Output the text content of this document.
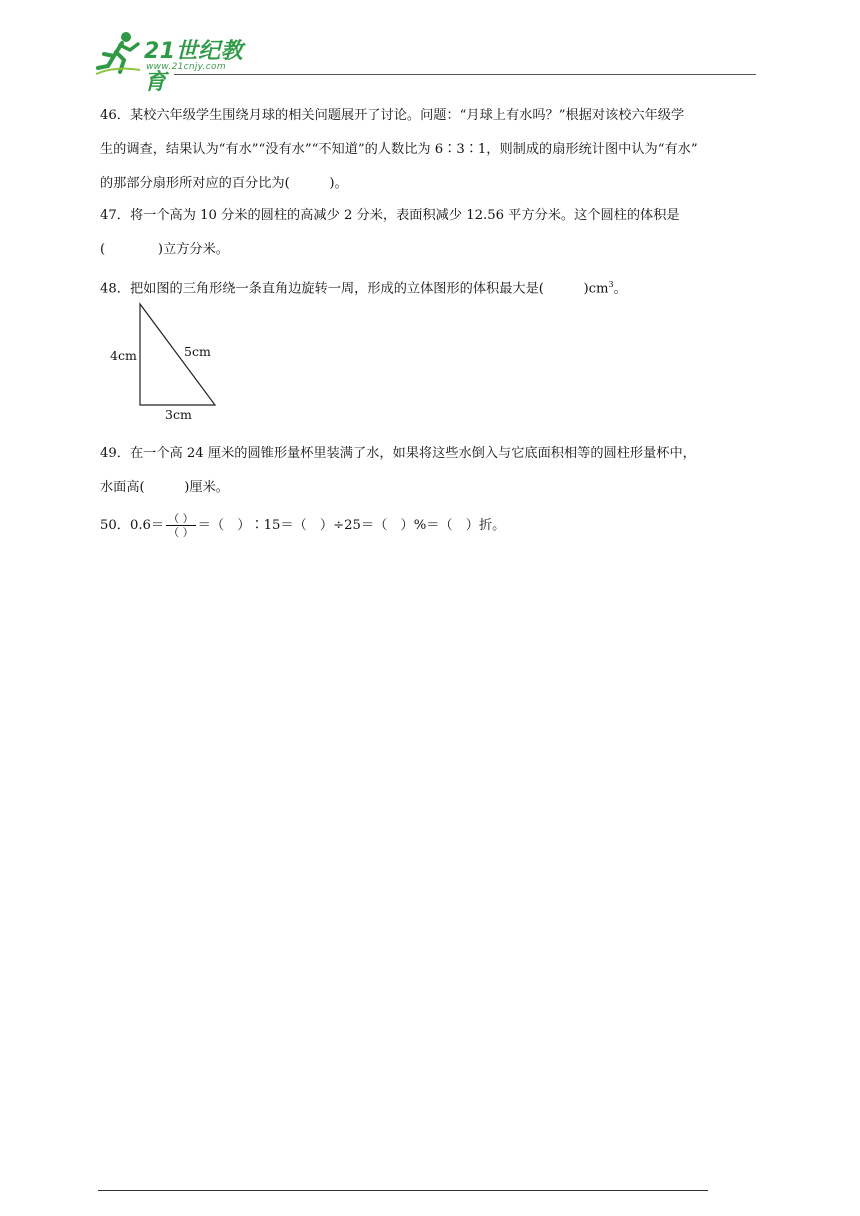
21世纪教育
www.21cnjy.com
46．某校六年级学生围绕月球的相关问题展开了讨论。问题：“月球上有水吗？”根据对该校六年级学
生的调查，结果认为“有水”“没有水”“不知道”的人数比为 6∶3∶1，则制成的扇形统计图中认为“有水”
的那部分扇形所对应的百分比为(　　　)。
47．将一个高为 10 分米的圆柱的高减少 2 分米，表面积减少 12.56 平方分米。这个圆柱的体积是
(　　　　)立方分米。
48．把如图的三角形绕一条直角边旋转一周，形成的立体图形的体积最大是(　　　)$cm^3$。
4cm	5cm
3cm
49．在一个高 24 厘米的圆锥形量杯里装满了水，如果将这些水倒入与它底面积相等的圆柱形量杯中，
水面高(　　　)厘米。
50．$0.6= \frac{( )}{( )}$ ＝（　）∶15＝（　）÷25＝（　）%＝（　）折。
